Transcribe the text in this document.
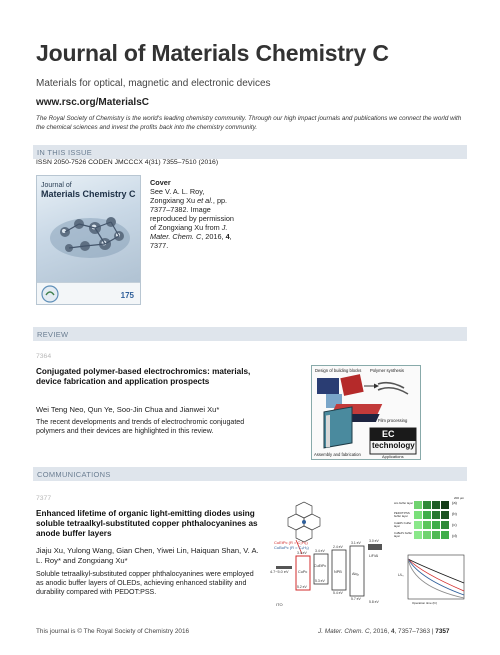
Journal of Materials Chemistry C
Materials for optical, magnetic and electronic devices
www.rsc.org/MaterialsC
The Royal Society of Chemistry is the world's leading chemistry community. Through our high impact journals and publications we connect the world with the chemical sciences and invest the profits back into the chemistry community.
IN THIS ISSUE
ISSN 2050-7526 CODEN JMCCCX 4(31) 7355–7510 (2016)
Journal of
Materials Chemistry C
175
Cover
See V. A. L. Roy, Zongxiang Xu et al., pp. 7377–7382. Image reproduced by permission of Zongxiang Xu from J. Mater. Chem. C, 2016, 4, 7377.
REVIEW
7364
Conjugated polymer-based electrochromics: materials, device fabrication and application prospects
Wei Teng Neo, Qun Ye, Soo-Jin Chua and Jianwei Xu*
The recent developments and trends of electrochromic conjugated polymers and their devices are highlighted in this review.
Design of building blocks Polymer synthesis
Film processing
Assembly and fabrication	Applications
EC
technology
COMMUNICATIONS
7377
Enhanced lifetime of organic light-emitting diodes using soluble tetraalkyl-substituted copper phthalocyanines as anode buffer layers
Jiaju Xu, Yulong Wang, Gian Chen, Yiwei Lin, Haiquan Shan, V. A. L. Roy* and Zongxiang Xu*
Soluble tetraalkyl-substituted copper phthalocyanines were employed as anodic buffer layers of OLEDs, achieving enhanced stability and durability compared with PEDOT:PSS.
CuEtPc (R = C₂H₅)
CuBuPc (R = C₄H₉)
4.7~5.0 eV
ITO
CuPc
CuEtPc
NPB	Alq₃
LiF/Al
3.4 eV 3.4 eV
2.4 eV
3.1 eV
5.2 eV
5.3 eV
5.4 eV
5.7 eV
3.0 eV
5.8 eV
(a)
(b)
(c)
(d)
200 µm
w/o buffer layer
PEDOT:PSS buffer layer
CuEtPc buffer layer
CuBuPc buffer layer
Operation time (hr)
L/L₀
This journal is © The Royal Society of Chemistry 2016	J. Mater. Chem. C, 2016, 4, 7357–7363 | 7357
